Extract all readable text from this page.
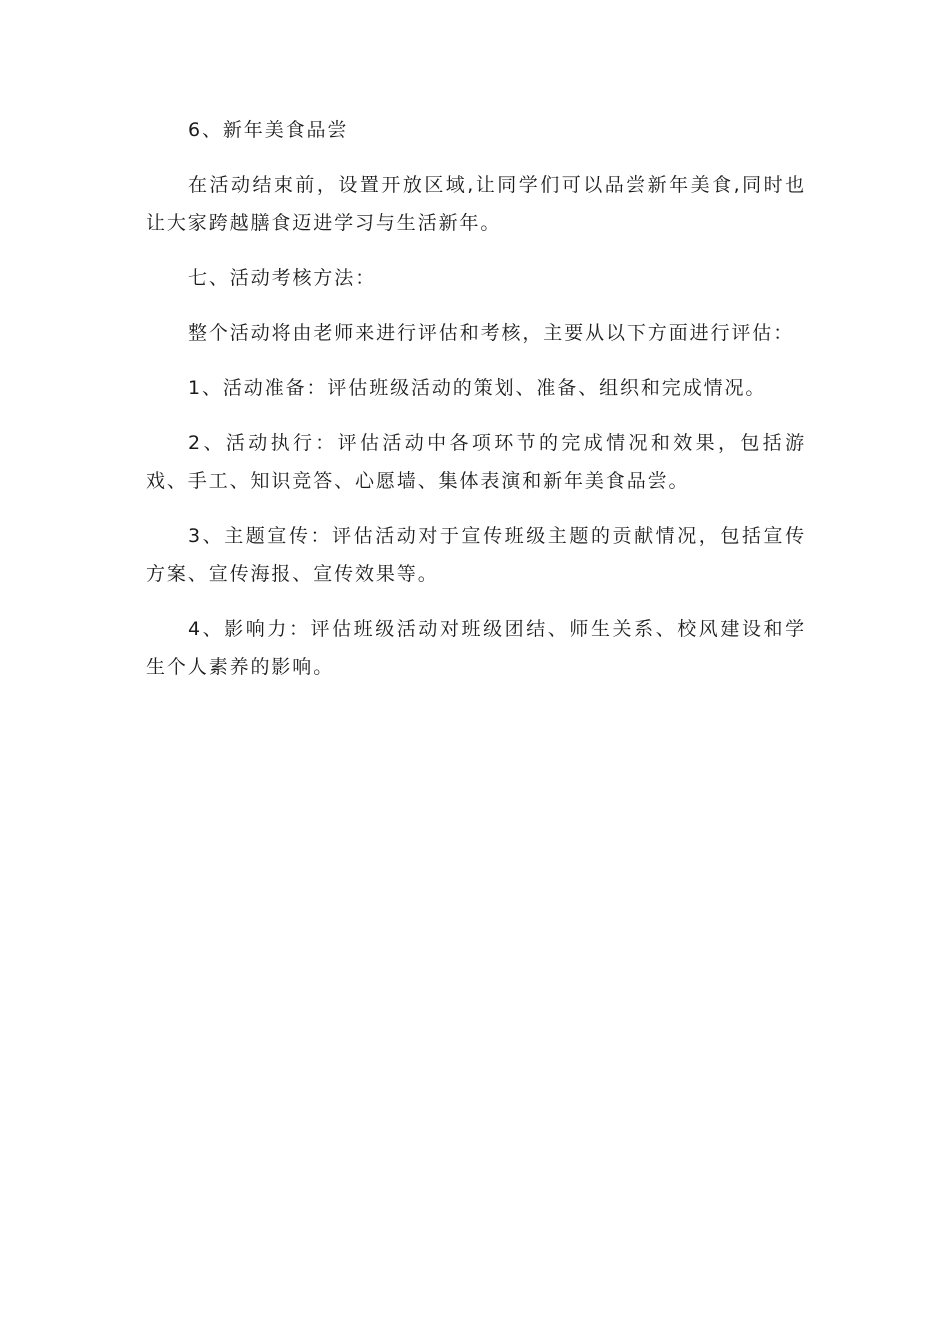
6、新年美食品尝

在活动结束前，设置开放区域,让同学们可以品尝新年美食,同时也让大家跨越膳食迈进学习与生活新年。

七、活动考核方法：

整个活动将由老师来进行评估和考核，主要从以下方面进行评估：

1、活动准备：评估班级活动的策划、准备、组织和完成情况。

2、活动执行：评估活动中各项环节的完成情况和效果，包括游戏、手工、知识竞答、心愿墙、集体表演和新年美食品尝。

3、主题宣传：评估活动对于宣传班级主题的贡献情况，包括宣传方案、宣传海报、宣传效果等。

4、影响力：评估班级活动对班级团结、师生关系、校风建设和学生个人素养的影响。
